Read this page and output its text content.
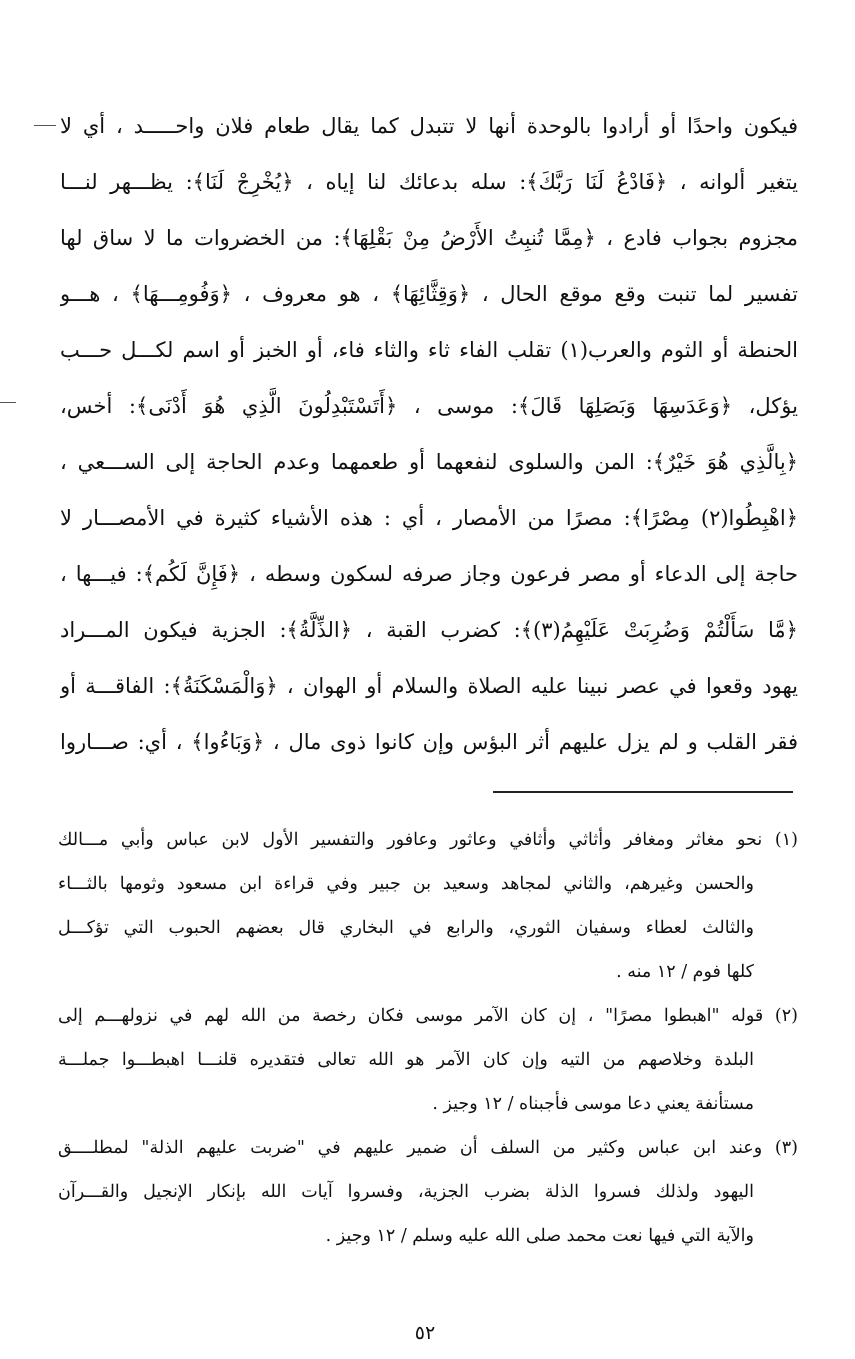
فيكون واحدًا أو أرادوا بالوحدة أنها لا تتبدل كما يقال طعام فلان واحـــــد ، أي لا
يتغير ألوانه ، ﴿فَادْعُ لَنَا رَبَّكَ﴾: سله بدعائك لنا إياه ، ﴿يُخْرِجْ لَنَا﴾: يظـــهر لنـــا
مجزوم بجواب فادع ، ﴿مِمَّا تُنبِتُ الأَرْضُ مِنْ بَقْلِهَا﴾: من الخضروات ما لا ساق لها
تفسير لما تنبت وقع موقع الحال ، ﴿وَقِثَّائِهَا﴾ ، هو معروف ، ﴿وَفُومِـــهَا﴾ ، هـــو
الحنطة أو الثوم والعرب(١) تقلب الفاء ثاء والثاء فاء، أو الخبز أو اسم لكـــل حـــب
يؤكل، ﴿وَعَدَسِهَا وَبَصَلِهَا قَالَ﴾: موسى ، ﴿أَتَسْتَبْدِلُونَ الَّذِي هُوَ أَدْنَى﴾: أخس،
﴿بِالَّذِي هُوَ خَيْرٌ﴾: المن والسلوى لنفعهما أو طعمهما وعدم الحاجة إلى الســـعي ،
﴿اهْبِطُوا(٢) مِصْرًا﴾: مصرًا من الأمصار ، أي : هذه الأشياء كثيرة في الأمصـــار لا
حاجة إلى الدعاء أو مصر فرعون وجاز صرفه لسكون وسطه ، ﴿فَإِنَّ لَكُم﴾: فيـــها ،
﴿مَّا سَأَلْتُمْ وَضُرِبَتْ عَلَيْهِمُ(٣)﴾: كضرب القبة ، ﴿الذِّلَّةُ﴾: الجزية فيكون المـــراد
يهود وقعوا في عصر نبينا عليه الصلاة والسلام أو الهوان ، ﴿وَالْمَسْكَنَةُ﴾: الفاقـــة أو
فقر القلب و لم يزل عليهم أثر البؤس وإن كانوا ذوى مال ، ﴿وَبَاءُوا﴾ ، أي: صـــاروا
(١) نحو مغاثر ومغافر وأثاثي وأثافي وعاثور وعافور والتفسير الأول لابن عباس وأبي مـــالك
والحسن وغيرهم، والثاني لمجاهد وسعيد بن جبير وفي قراءة ابن مسعود وثومها بالثـــاء
والثالث لعطاء وسفيان الثوري، والرابع في البخاري قال بعضهم الحبوب التي تؤكـــل
كلها فوم / ١٢ منه .
(٢) قوله "اهبطوا مصرًا" ، إن كان الآمر موسى فكان رخصة من الله لهم في نزولهـــم إلى
البلدة وخلاصهم من التيه وإن كان الآمر هو الله تعالى فتقديره قلنـــا اهبطـــوا جملـــة
مستأنفة يعني دعا موسى فأجبناه / ١٢ وجيز .
(٣) وعند ابن عباس وكثير من السلف أن ضمير عليهم في "ضربت عليهم الذلة" لمطلــــق
اليهود ولذلك فسروا الذلة بضرب الجزية، وفسروا آيات الله بإنكار الإنجيل والقـــرآن
والآية التي فيها نعت محمد صلى الله عليه وسلم / ١٢ وجيز .
٥٢
